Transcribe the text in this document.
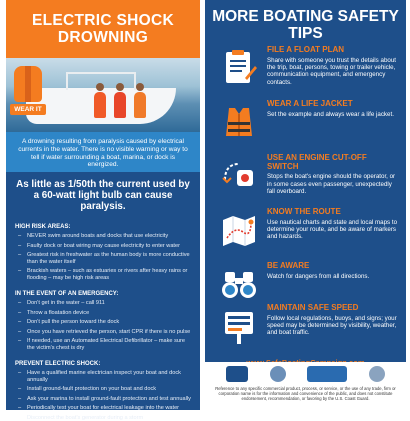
ELECTRIC SHOCK DROWNING
WEAR IT
A drowning resulting from paralysis caused by electrical currents in the water. There is no visible warning or way to tell if water surrounding a boat, marina, or dock is energized.
As little as 1/50th the current used by a 60-watt light bulb can cause paralysis.
HIGH RISK AREAS:
– NEVER swim around boats and docks that use electricity
– Faulty dock or boat wiring may cause electricity to enter water
– Greatest risk in freshwater as the human body is more conductive than the water itself
– Brackish waters – such as estuaries or rivers after heavy rains or flooding – may be high risk areas
IN THE EVENT OF AN EMERGENCY:
– Don't get in the water – call 911
– Throw a floatation device
– Don't pull the person toward the dock
– Once you have retrieved the person, start CPR if there is no pulse
– If needed, use an Automated Electrical Defibrillator – make sure the victim's chest is dry
PREVENT ELECTRIC SHOCK:
– Have a qualified marine electrician inspect your boat and dock annually
– Install ground-fault protection on your boat and dock
– Ask your marina to install ground-fault protection and test annually
– Periodically test your boat for electrical leakage into the water
– Disconnect the boat's generator during a storm
MORE BOATING SAFETY TIPS
FILE A FLOAT PLAN
Share with someone you trust the details about the trip, boat, persons, towing or trailer vehicle, communication equipment, and emergency contacts.
WEAR A LIFE JACKET
Set the example and always wear a life jacket.
USE AN ENGINE CUT-OFF SWITCH
Stops the boat's engine should the operator, or in some cases even passenger, unexpectedly fall overboard.
KNOW THE ROUTE
Use nautical charts and state and local maps to determine your route, and be aware of markers and hazards.
BE AWARE
Watch for dangers from all directions.
MAINTAIN SAFE SPEED
Follow local regulations, buoys, and signs; your speed may be determined by visibility, weather, and boat traffic.
Reference to any specific commercial product, process, or service, or the use of any trade, firm or corporation name is for the information and convenience of the public, and does not constitute endorsement, recommendation, or favoring by the U.S. Coast Guard.
